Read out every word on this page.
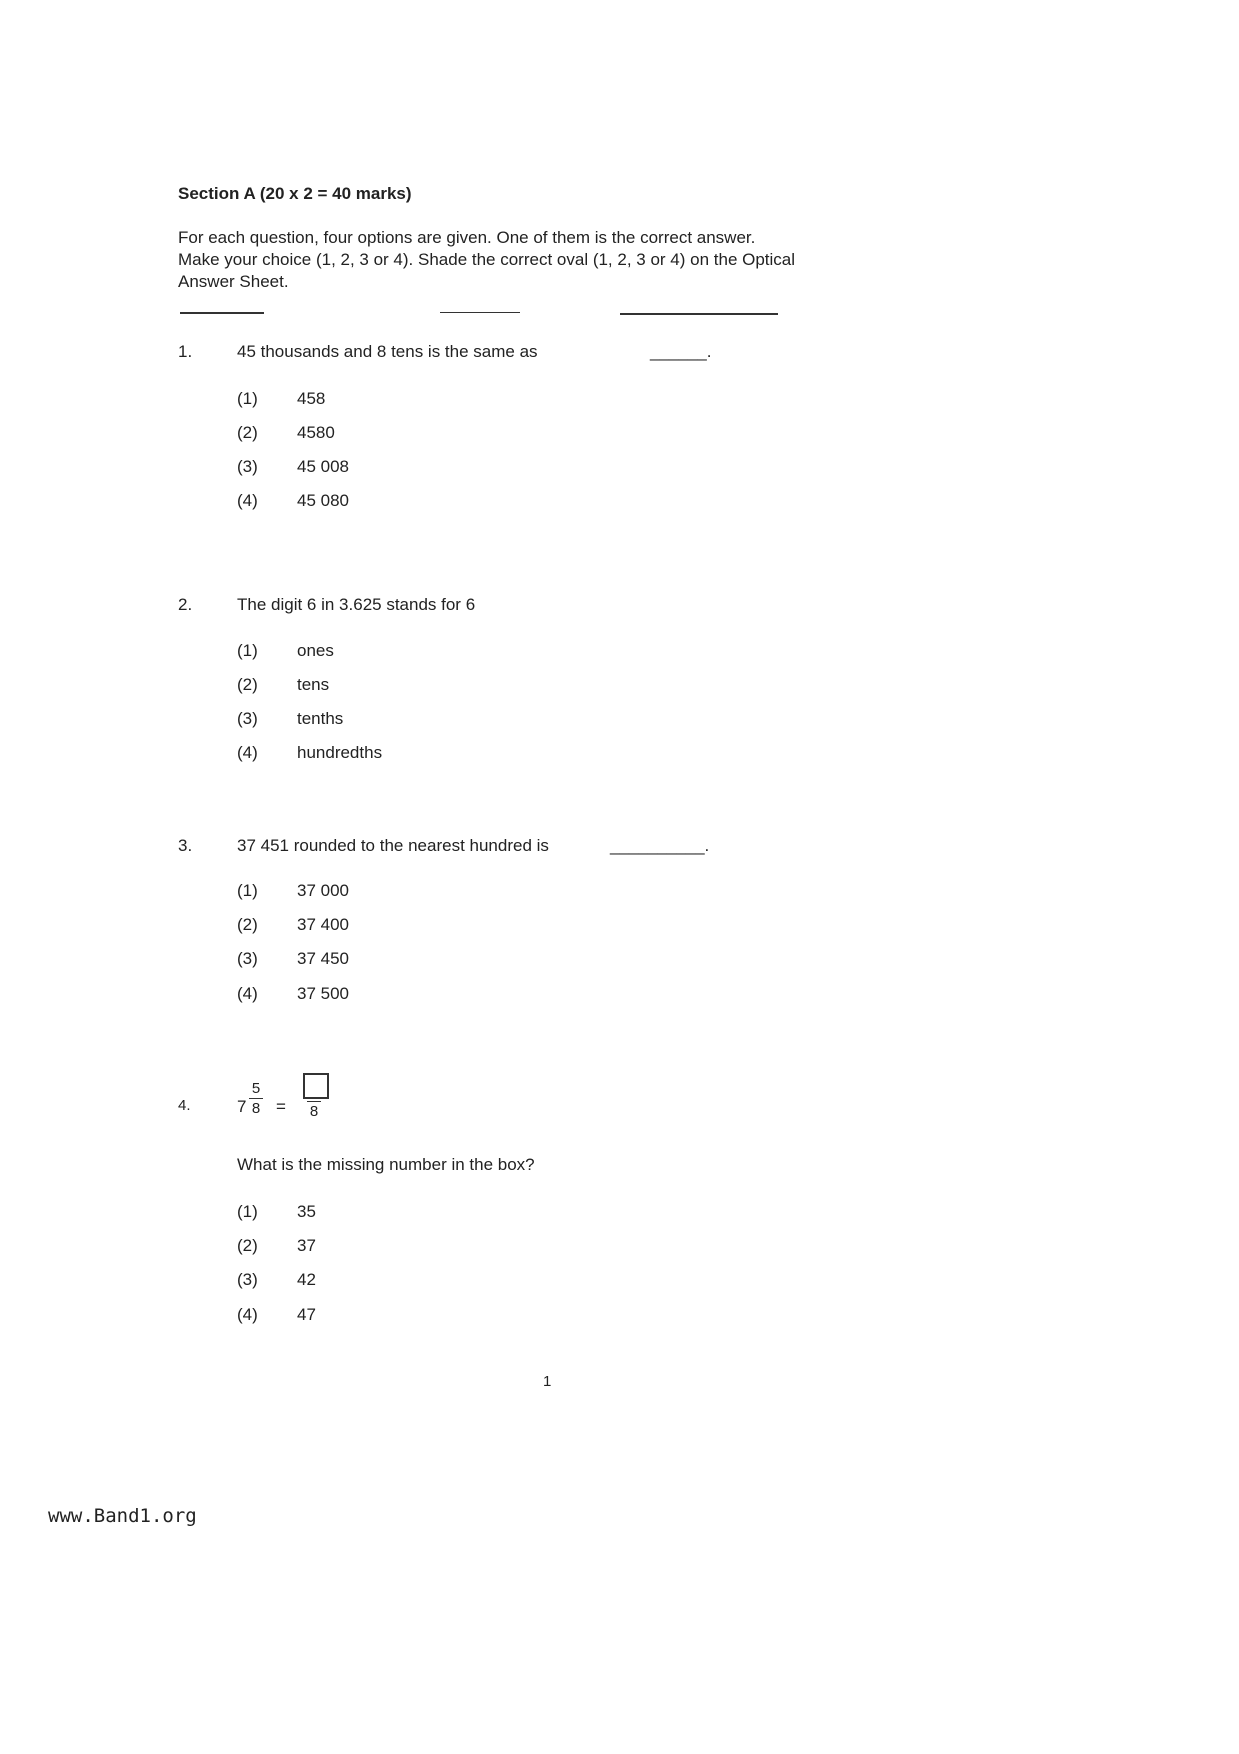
Section A (20 x 2 = 40 marks)
For each question, four options are given. One of them is the correct answer.
Make your choice (1, 2, 3 or 4). Shade the correct oval (1, 2, 3 or 4) on the Optical
Answer Sheet.
1.	45 thousands and 8 tens is the same as	______.
(1) 458
(2) 4580
(3) 45 008
(4) 45 080
2.	The digit 6 in 3.625 stands for 6
(1) ones
(2) tens
(3) tenths
(4) hundredths
3.	37 451 rounded to the nearest hundred is	__________.
(1) 37 000
(2) 37 400
(3) 37 450
(4) 37 500
4.	7
5
8 = 8
What is the missing number in the box?
(1) 35
(2) 37
(3) 42
(4) 47
1
www.Band1.org
